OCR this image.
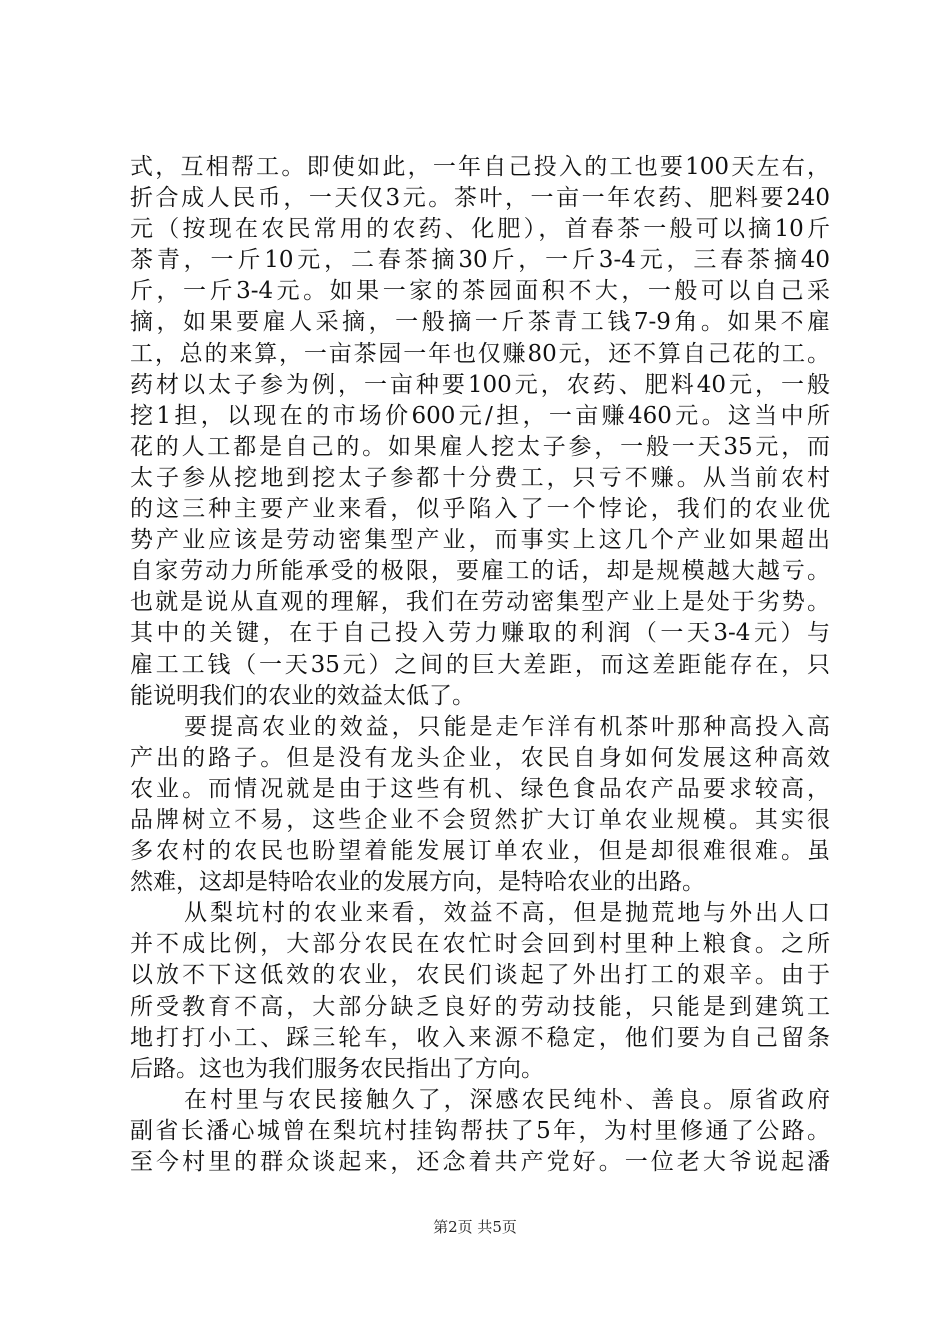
式，互相帮工。即使如此，一年自己投入的工也要100天左右，
折合成人民币，一天仅3元。茶叶，一亩一年农药、肥料要240
元（按现在农民常用的农药、化肥），首春茶一般可以摘10斤
茶青，一斤10元，二春茶摘30斤，一斤3-4元，三春茶摘40
斤，一斤3-4元。如果一家的茶园面积不大，一般可以自己采
摘，如果要雇人采摘，一般摘一斤茶青工钱7-9角。如果不雇
工，总的来算，一亩茶园一年也仅赚80元，还不算自己花的工。
药材以太子参为例，一亩种要100元，农药、肥料40元，一般
挖1担，以现在的市场价600元/担，一亩赚460元。这当中所
花的人工都是自己的。如果雇人挖太子参，一般一天35元，而
太子参从挖地到挖太子参都十分费工，只亏不赚。从当前农村
的这三种主要产业来看，似乎陷入了一个悖论，我们的农业优
势产业应该是劳动密集型产业，而事实上这几个产业如果超出
自家劳动力所能承受的极限，要雇工的话，却是规模越大越亏。
也就是说从直观的理解，我们在劳动密集型产业上是处于劣势。
其中的关键，在于自己投入劳力赚取的利润（一天3-4元）与
雇工工钱（一天35元）之间的巨大差距，而这差距能存在，只
能说明我们的农业的效益太低了。
要提高农业的效益，只能是走乍洋有机茶叶那种高投入高
产出的路子。但是没有龙头企业，农民自身如何发展这种高效
农业。而情况就是由于这些有机、绿色食品农产品要求较高，
品牌树立不易，这些企业不会贸然扩大订单农业规模。其实很
多农村的农民也盼望着能发展订单农业，但是却很难很难。虽
然难，这却是特哈农业的发展方向，是特哈农业的出路。
从梨坑村的农业来看，效益不高，但是抛荒地与外出人口
并不成比例，大部分农民在农忙时会回到村里种上粮食。之所
以放不下这低效的农业，农民们谈起了外出打工的艰辛。由于
所受教育不高，大部分缺乏良好的劳动技能，只能是到建筑工
地打打小工、踩三轮车，收入来源不稳定，他们要为自己留条
后路。这也为我们服务农民指出了方向。
在村里与农民接触久了，深感农民纯朴、善良。原省政府
副省长潘心城曾在梨坑村挂钩帮扶了5年，为村里修通了公路。
至今村里的群众谈起来，还念着共产党好。一位老大爷说起潘
第2页 共5页
